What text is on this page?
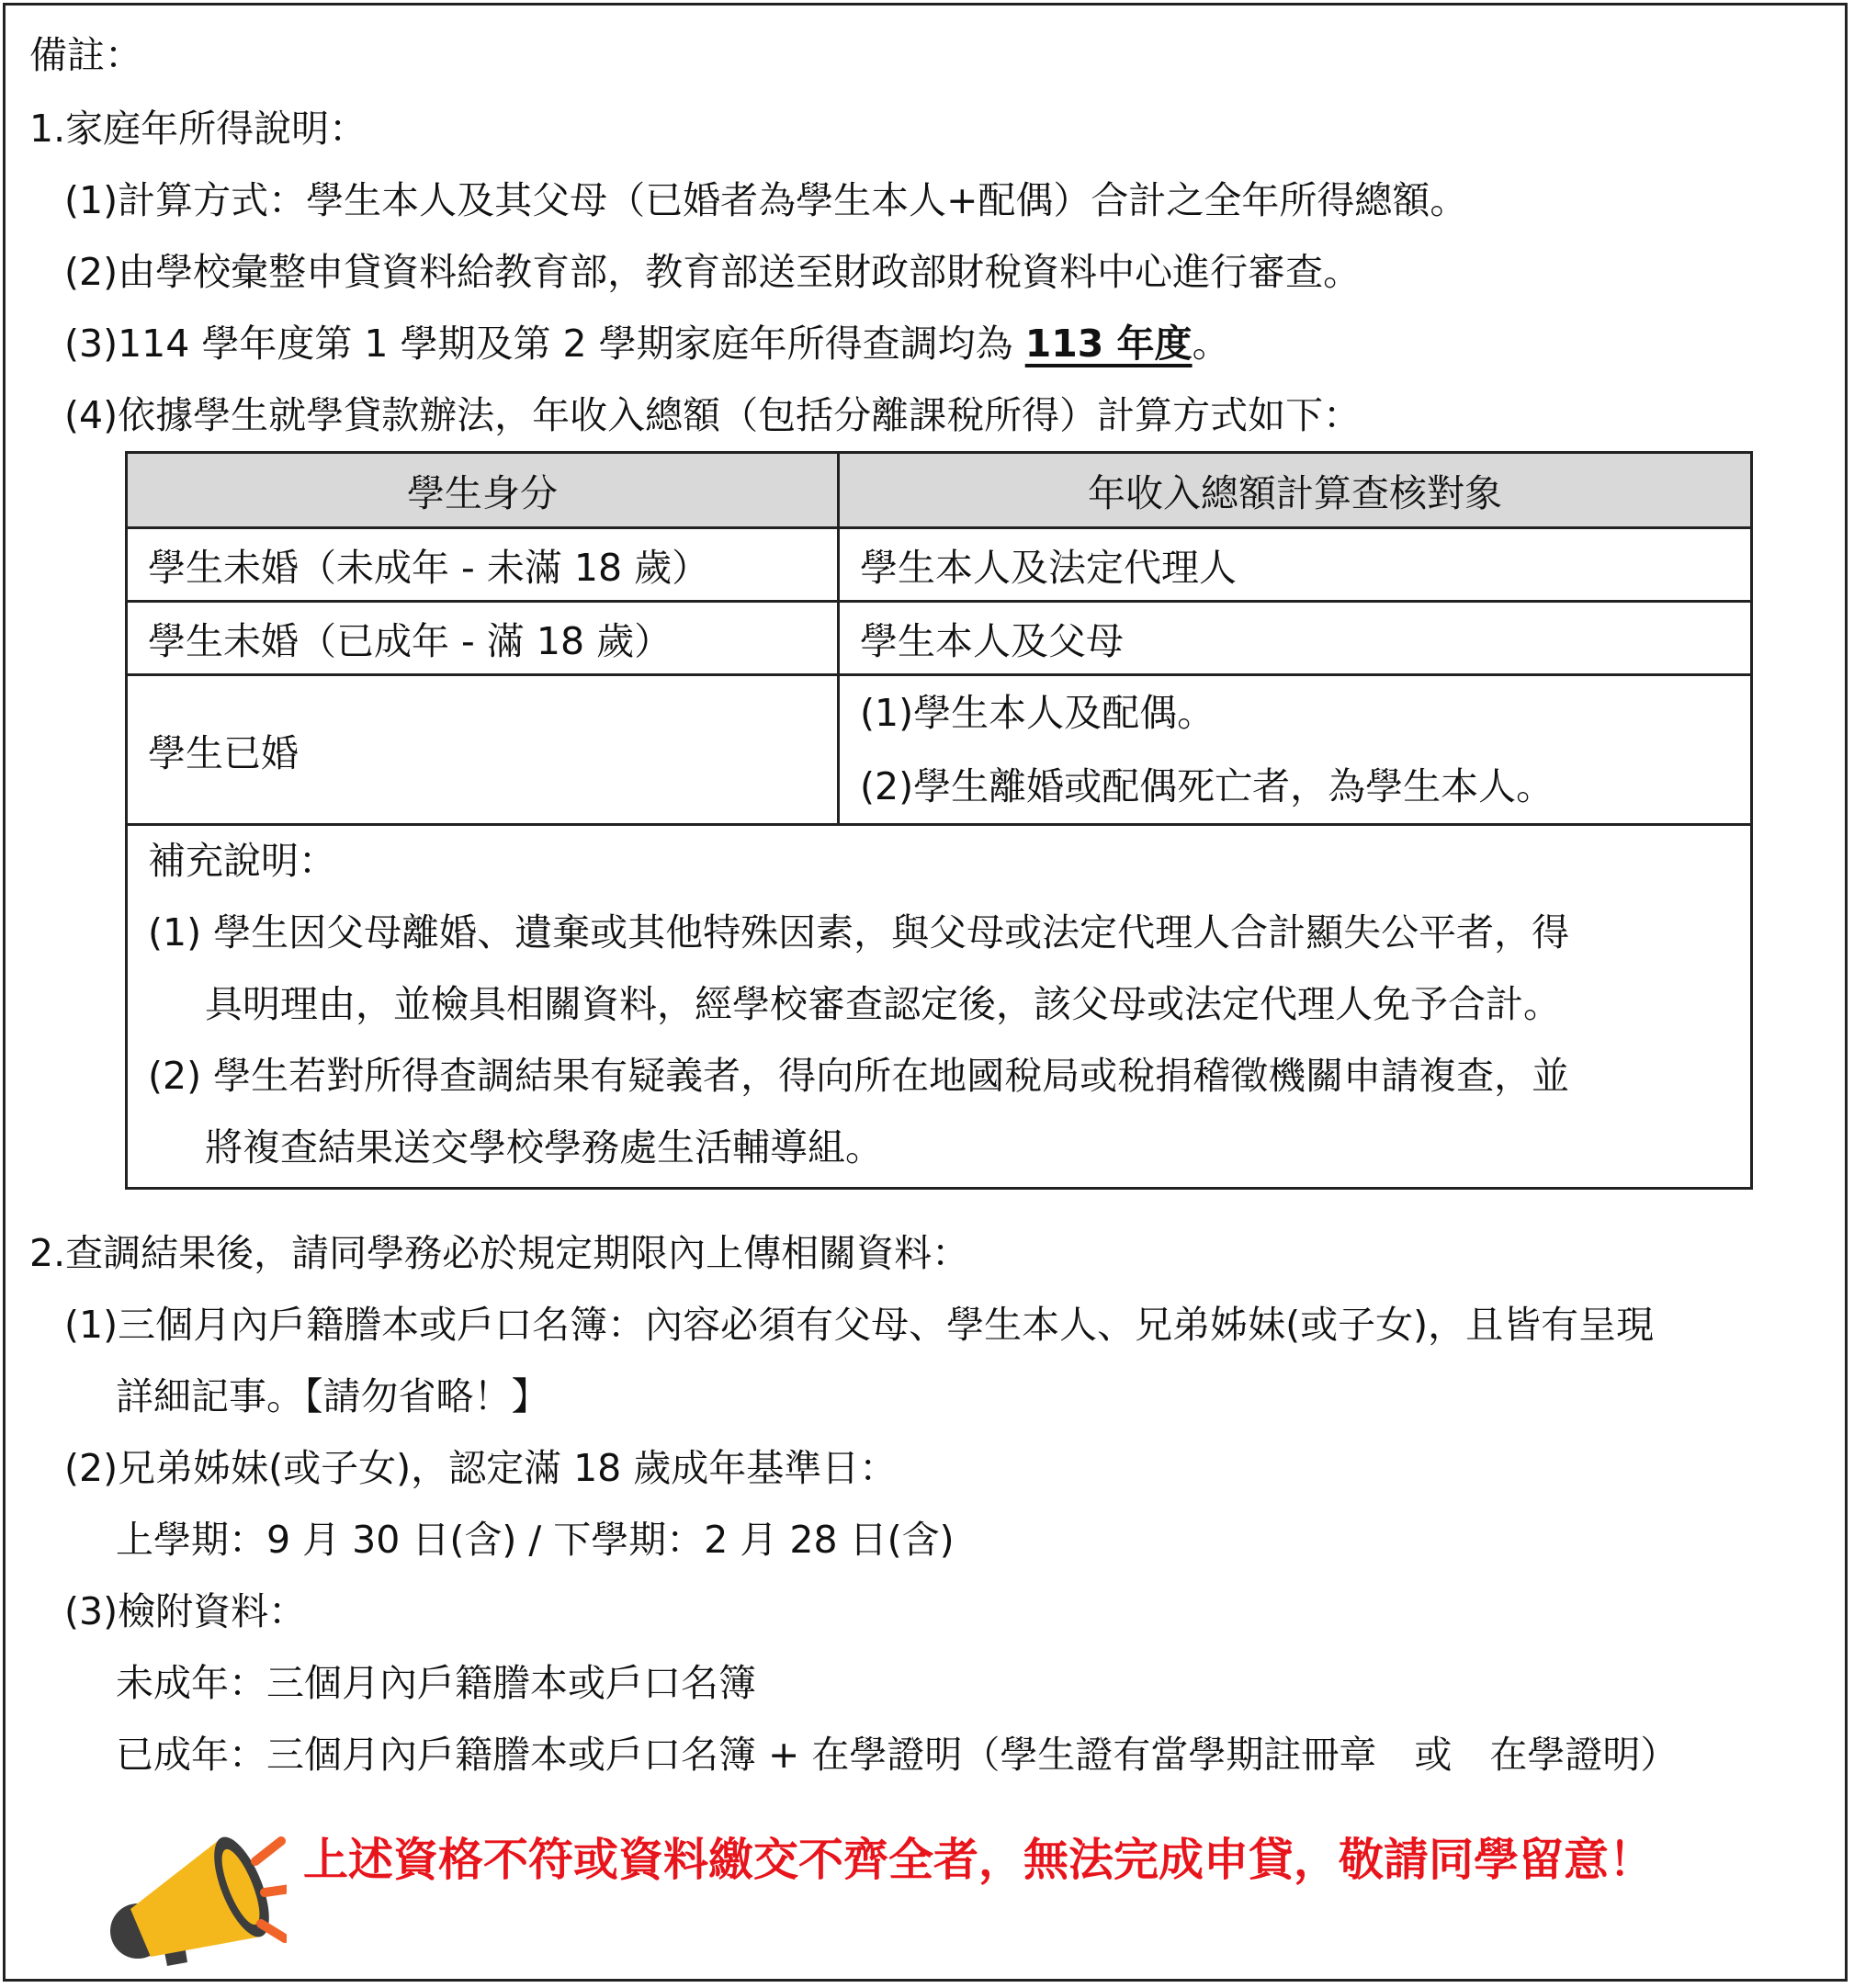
備註：
1.家庭年所得說明：
(1)計算方式：學生本人及其父母（已婚者為學生本人+配偶）合計之全年所得總額。
(2)由學校彙整申貸資料給教育部，教育部送至財政部財稅資料中心進行審查。
(3)114 學年度第 1 學期及第 2 學期家庭年所得查調均為 113 年度。
(4)依據學生就學貸款辦法，年收入總額（包括分離課稅所得）計算方式如下：
學生身分	年收入總額計算查核對象
學生未婚（未成年 - 未滿 18 歲）	學生本人及法定代理人
學生未婚（已成年 - 滿 18 歲）	學生本人及父母
學生已婚	(1)學生本人及配偶。
(2)學生離婚或配偶死亡者，為學生本人。

補充說明：
(1) 學生因父母離婚、遺棄或其他特殊因素，與父母或法定代理人合計顯失公平者，得
具明理由，並檢具相關資料，經學校審查認定後，該父母或法定代理人免予合計。
(2) 學生若對所得查調結果有疑義者，得向所在地國稅局或稅捐稽徵機關申請複查，並
將複查結果送交學校學務處生活輔導組。	
2.查調結果後，請同學務必於規定期限內上傳相關資料：
(1)三個月內戶籍謄本或戶口名簿：內容必須有父母、學生本人、兄弟姊妹(或子女)，且皆有呈現
詳細記事。【請勿省略！】
(2)兄弟姊妹(或子女)，認定滿 18 歲成年基準日：
上學期：9 月 30 日(含) / 下學期：2 月 28 日(含)
(3)檢附資料：
未成年：三個月內戶籍謄本或戶口名簿
已成年：三個月內戶籍謄本或戶口名簿 + 在學證明（學生證有當學期註冊章　或　在學證明）
上述資格不符或資料繳交不齊全者，無法完成申貸，敬請同學留意！
